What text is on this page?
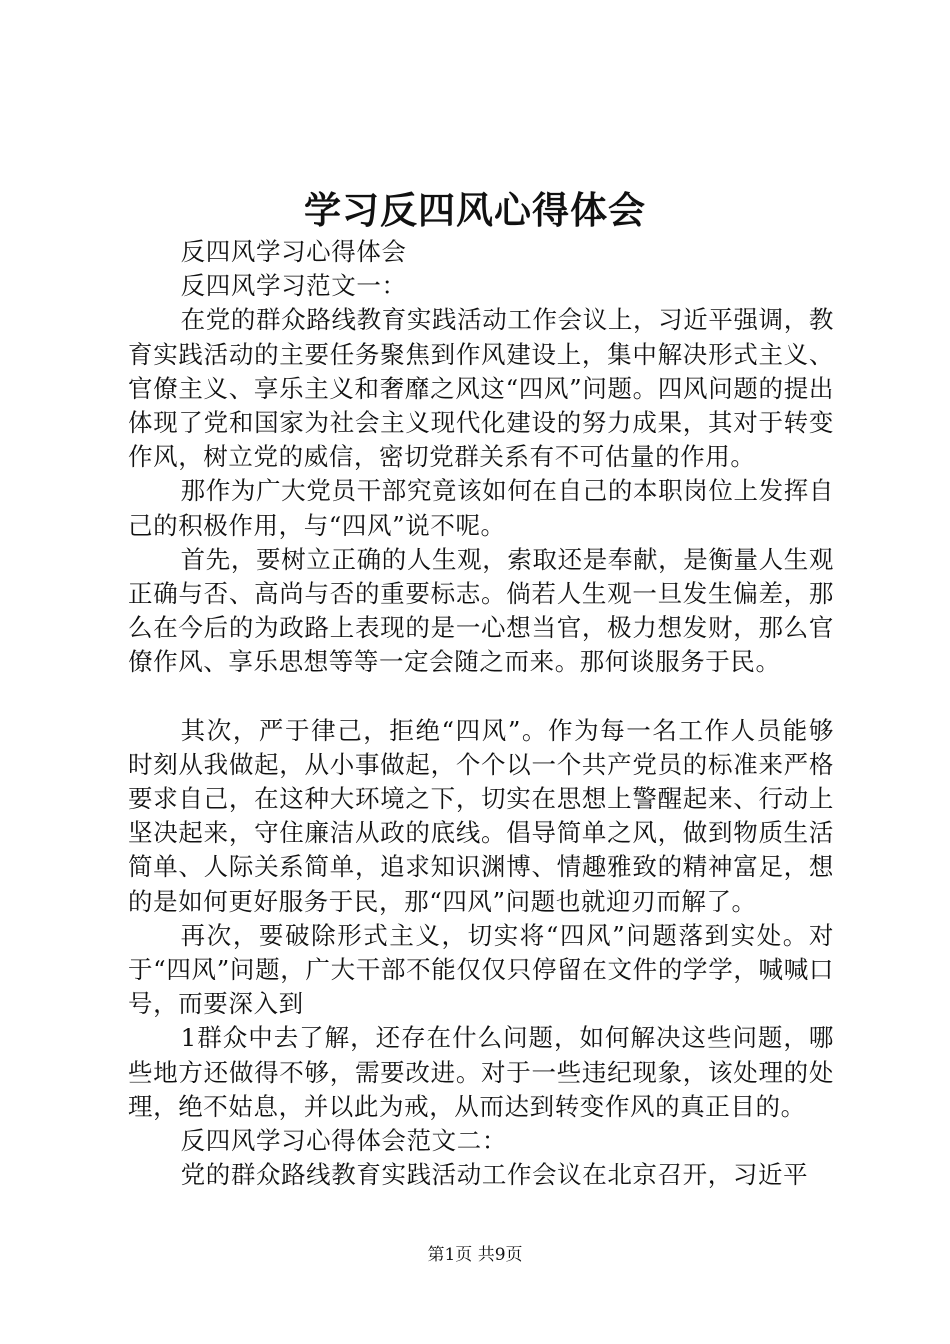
学习反四风心得体会

反四风学习心得体会

反四风学习范文一：

在党的群众路线教育实践活动工作会议上，习近平强调，教育实践活动的主要任务聚焦到作风建设上，集中解决形式主义、官僚主义、享乐主义和奢靡之风这“四风”问题。四风问题的提出体现了党和国家为社会主义现代化建设的努力成果，其对于转变作风，树立党的威信，密切党群关系有不可估量的作用。

那作为广大党员干部究竟该如何在自己的本职岗位上发挥自己的积极作用，与“四风”说不呢。

首先，要树立正确的人生观，索取还是奉献，是衡量人生观正确与否、高尚与否的重要标志。倘若人生观一旦发生偏差，那么在今后的为政路上表现的是一心想当官，极力想发财，那么官僚作风、享乐思想等等一定会随之而来。那何谈服务于民。

其次，严于律己，拒绝“四风”。作为每一名工作人员能够时刻从我做起，从小事做起，个个以一个共产党员的标准来严格要求自己，在这种大环境之下，切实在思想上警醒起来、行动上坚决起来，守住廉洁从政的底线。倡导简单之风，做到物质生活简单、人际关系简单，追求知识渊博、情趣雅致的精神富足，想的是如何更好服务于民，那“四风”问题也就迎刃而解了。

再次，要破除形式主义，切实将“四风”问题落到实处。对于“四风”问题，广大干部不能仅仅只停留在文件的学学，喊喊口号，而要深入到

1群众中去了解，还存在什么问题，如何解决这些问题，哪些地方还做得不够，需要改进。对于一些违纪现象，该处理的处理，绝不姑息，并以此为戒，从而达到转变作风的真正目的。

反四风学习心得体会范文二：

党的群众路线教育实践活动工作会议在北京召开，习近平

第1页 共9页
